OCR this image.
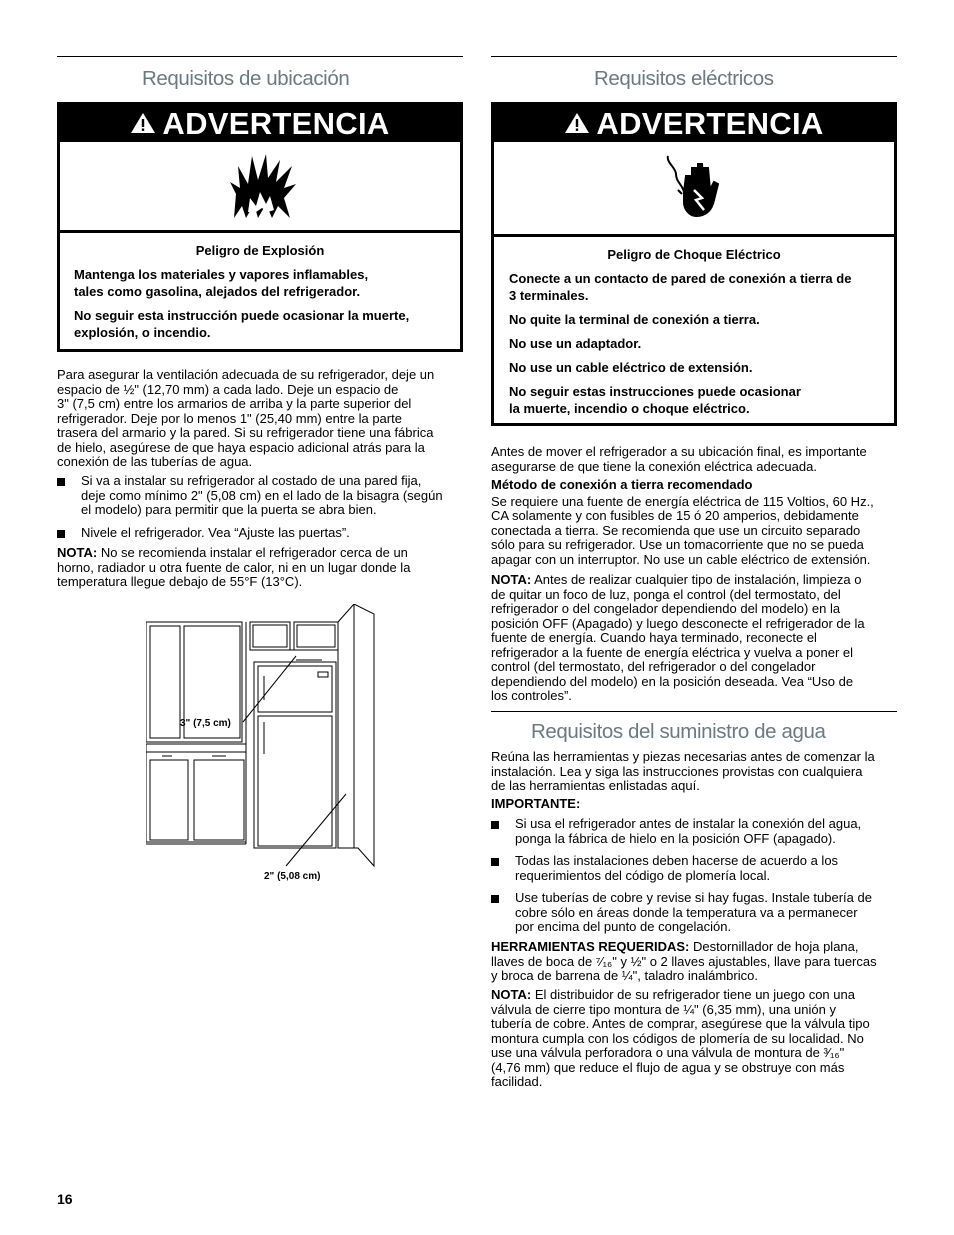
Requisitos de ubicación
ADVERTENCIA

Peligro de Explosión

Mantenga los materiales y vapores inflamables,

tales como gasolina, alejados del refrigerador.

No seguir esta instrucción puede ocasionar la muerte,

explosión, o incendio.

Para asegurar la ventilación adecuada de su refrigerador, deje un

espacio de ½" (12,70 mm) a cada lado. Deje un espacio de

3" (7,5 cm) entre los armarios de arriba y la parte superior del

refrigerador. Deje por lo menos 1" (25,40 mm) entre la parte

trasera del armario y la pared. Si su refrigerador tiene una fábrica

de hielo, asegúrese de que haya espacio adicional atrás para la

conexión de las tuberías de agua.

Si va a instalar su refrigerador al costado de una pared fija,
deje como mínimo 2" (5,08 cm) en el lado de la bisagra (según
el modelo) para permitir que la puerta se abra bien.
Nivele el refrigerador. Vea “Ajuste las puertas”.

NOTA: No se recomienda instalar el refrigerador cerca de un

horno, radiador u otra fuente de calor, ni en un lugar donde la

temperatura llegue debajo de 55°F (13°C).

3" (7,5 cm)
2" (5,08 cm)
Requisitos eléctricos
ADVERTENCIA

Peligro de Choque Eléctrico

Conecte a un contacto de pared de conexión a tierra de

3 terminales.

No quite la terminal de conexión a tierra.

No use un adaptador.

No use un cable eléctrico de extensión.

No seguir estas instrucciones puede ocasionar

la muerte, incendio o choque eléctrico.

Antes de mover el refrigerador a su ubicación final, es importante

asegurarse de que tiene la conexión eléctrica adecuada.

Método de conexión a tierra recomendado

Se requiere una fuente de energía eléctrica de 115 Voltios, 60 Hz.,

CA solamente y con fusibles de 15 ó 20 amperios, debidamente

conectada a tierra. Se recomienda que use un circuito separado

sólo para su refrigerador. Use un tomacorriente que no se pueda

apagar con un interruptor. No use un cable eléctrico de extensión.

NOTA: Antes de realizar cualquier tipo de instalación, limpieza o

de quitar un foco de luz, ponga el control (del termostato, del

refrigerador o del congelador dependiendo del modelo) en la

posición OFF (Apagado) y luego desconecte el refrigerador de la

fuente de energía. Cuando haya terminado, reconecte el

refrigerador a la fuente de energía eléctrica y vuelva a poner el

control (del termostato, del refrigerador o del congelador

dependiendo del modelo) en la posición deseada. Vea “Uso de

los controles”.

Requisitos del suministro de agua

Reúna las herramientas y piezas necesarias antes de comenzar la

instalación. Lea y siga las instrucciones provistas con cualquiera

de las herramientas enlistadas aquí.

IMPORTANTE:
Si usa el refrigerador antes de instalar la conexión del agua,
ponga la fábrica de hielo en la posición OFF (apagado).
Todas las instalaciones deben hacerse de acuerdo a los
requerimientos del código de plomería local.
Use tuberías de cobre y revise si hay fugas. Instale tubería de
cobre sólo en áreas donde la temperatura va a permanecer
por encima del punto de congelación.

HERRAMIENTAS REQUERIDAS: Destornillador de hoja plana,

llaves de boca de ⁷⁄₁₆" y ½" o 2 llaves ajustables, llave para tuercas

y broca de barrena de ¼", taladro inalámbrico.

NOTA: El distribuidor de su refrigerador tiene un juego con una

válvula de cierre tipo montura de ¼" (6,35 mm), una unión y

tubería de cobre. Antes de comprar, asegúrese que la válvula tipo

montura cumpla con los códigos de plomería de su localidad. No

use una válvula perforadora o una válvula de montura de ³⁄₁₆"

(4,76 mm) que reduce el flujo de agua y se obstruye con más

facilidad.

16
